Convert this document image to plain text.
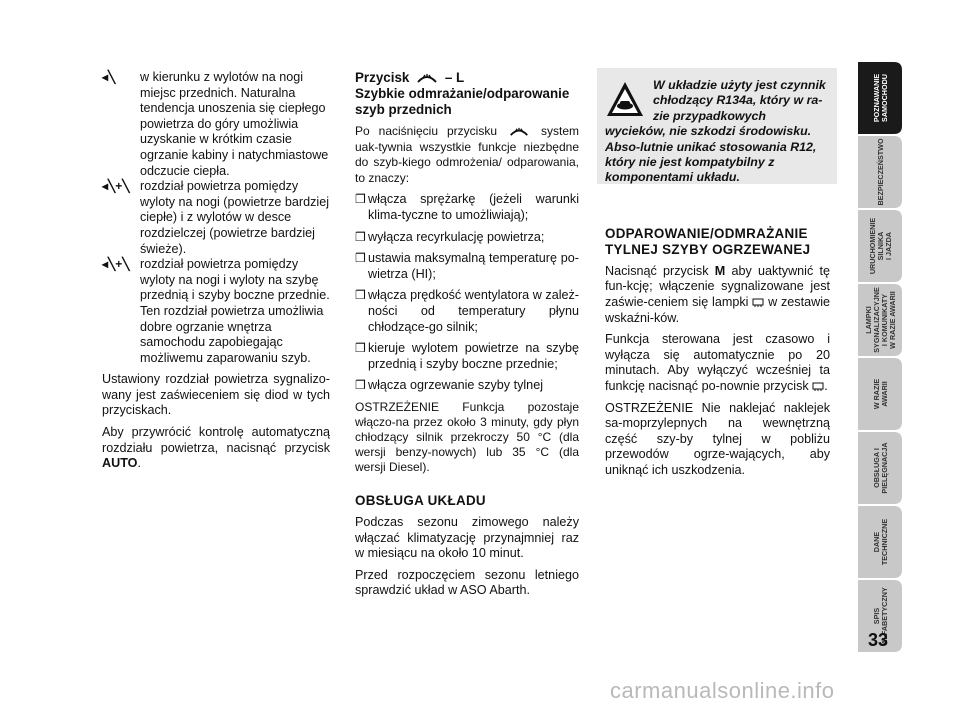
◂╲	w kierunku z wylotów na nogi miejsc przednich. Naturalna tendencja unoszenia się ciepłego powietrza do góry umożliwia uzyskanie w krótkim czasie ogrzanie kabiny i natychmiastowe odczucie ciepła.
◂╲+╲ rozdział powietrza pomiędzy wyloty na nogi (powietrze bardziej ciepłe) i z wylotów w desce rozdzielczej (powietrze bardziej świeże).
◂╲+╲ rozdział powietrza pomiędzy wyloty na nogi i wyloty na szybę przednią i szyby boczne przednie. Ten rozdział powietrza umożliwia dobre ogrzanie wnętrza samochodu zapobiegając możliwemu zaparowaniu szyb.

Ustawiony rozdział powietrza sygnalizo-wany jest zaświeceniem się diod w tych przyciskach.

Aby przywrócić kontrolę automatyczną rozdziału powietrza, nacisnąć przycisk AUTO.

Przycisk	– L
Szybkie odmrażanie/odparowanie szyb przednich

Po naciśnięciu przycisku	system uak-tywnia wszystkie funkcje niezbędne do szyb-kiego odmrożenia/ odparowania, to znaczy:

❒ włącza sprężarkę (jeżeli warunki klima-tyczne to umożliwiają);
❒ wyłącza recyrkulację powietrza;
❒ ustawia maksymalną temperaturę po-wietrza (HI);
❒ włącza prędkość wentylatora w zależ-ności od temperatury płynu chłodzące-go silnik;
❒ kieruje wylotem powietrze na szybę przednią i szyby boczne przednie;
❒ włącza ogrzewanie szyby tylnej

OSTRZEŻENIE Funkcja pozostaje włączo-na przez około 3 minuty, gdy płyn chłodzący silnik przekroczy 50 °C (dla wersji benzy-nowych) lub 35 °C (dla wersji Diesel).

OBSŁUGA UKŁADU

Podczas sezonu zimowego należy włączać klimatyzację przynajmniej raz w miesiącu na około 10 minut.

Przed rozpoczęciem sezonu letniego sprawdzić układ w ASO Abarth.

W układzie użyty jest czynnik chłodzący R134a, który w ra-zie przypadkowych wycieków, nie szkodzi środowisku. Abso-lutnie unikać stosowania R12, który nie jest kompatybilny z komponentami układu.
ODPAROWANIE/ODMRAŻANIE TYLNEJ SZYBY OGRZEWANEJ

Nacisnąć przycisk M aby uaktywnić tę fun-kcję; włączenie sygnalizowane jest zaświe-ceniem się lampki  w zestawie wskaźni-ków.

Funkcja sterowana jest czasowo i wyłącza się automatycznie po 20 minutach. Aby wyłączyć wcześniej ta funkcję nacisnąć po-nownie przycisk .

OSTRZEŻENIE Nie naklejać naklejek sa-moprzylepnych na wewnętrzną część szy-by tylnej w pobliżu przewodów ogrze-wających, aby uniknąć ich uszkodzenia.

POZNAWANIE
SAMOCHODU
BEZPIECZEŃSTWO
URUCHOMIENIE
SILNIKA
I JAZDA
LAMPKI
SYGNALIZACYJNE
I KOMUNIKATY
W RAZIE AWARII
W RAZIE
AWARII
OBSŁUGA I
PIELĘGNACJA
DANE
TECHNICZNE
SPIS
ALFABETYCZNY
33
carmanualsonline.info
